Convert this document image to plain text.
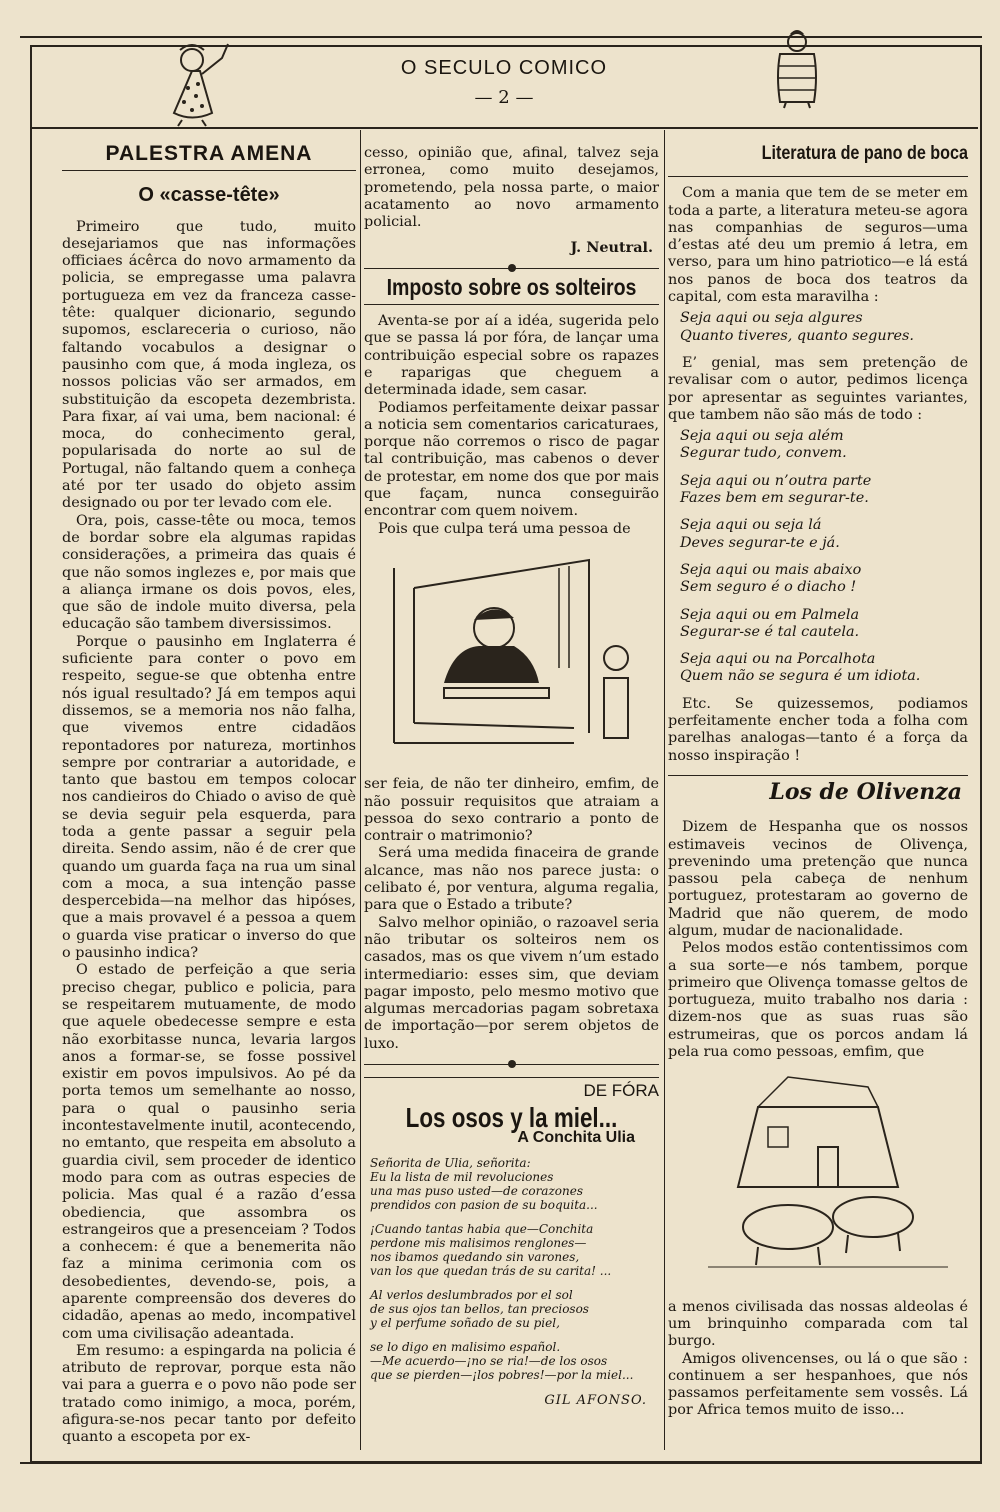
O SECULO COMICO
— 2 —
PALESTRA AMENA
O «casse-tête»

Primeiro que tudo, muito desejariamos que nas informações officiaes ácêrca do novo armamento da policia, se empregasse uma palavra portugueza em vez da franceza casse-tête: qualquer dicionario, segundo supomos, esclareceria o curioso, não faltando vocabulos a designar o pausinho com que, á moda ingleza, os nossos policias vão ser armados, em substituição da escopeta dezembrista. Para fixar, aí vai uma, bem nacional: é moca, do conhecimento geral, popularisada do norte ao sul de Portugal, não faltando quem a conheça até por ter usado do objeto assim designado ou por ter levado com ele.

Ora, pois, casse-tête ou moca, temos de bordar sobre ela algumas rapidas considerações, a primeira das quais é que não somos inglezes e, por mais que a aliança irmane os dois povos, eles, que são de indole muito diversa, pela educação são tambem diversissimos.

Porque o pausinho em Inglaterra é suficiente para conter o povo em respeito, segue-se que obtenha entre nós igual resultado? Já em tempos aqui dissemos, se a memoria nos não falha, que vivemos entre cidadãos repontadores por natureza, mortinhos sempre por contrariar a autoridade, e tanto que bastou em tempos colocar nos candieiros do Chiado o aviso de què se devia seguir pela esquerda, para toda a gente passar a seguir pela direita. Sendo assim, não é de crer que quando um guarda faça na rua um sinal com a moca, a sua intenção passe despercebida—na melhor das hipóses, que a mais provavel é a pessoa a quem o guarda vise praticar o inverso do que o pausinho indica?

O estado de perfeição a que seria preciso chegar, publico e policia, para se respeitarem mutuamente, de modo que aquele obedecesse sempre e esta não exorbitasse nunca, levaria largos anos a formar-se, se fosse possivel existir em povos impulsivos. Ao pé da porta temos um semelhante ao nosso, para o qual o pausinho seria incontestavelmente inutil, acontecendo, no emtanto, que respeita em absoluto a guardia civil, sem proceder de identico modo para com as outras especies de policia. Mas qual é a razão d’essa obediencia, que assombra os estrangeiros que a presenceiam ? Todos a conhecem: é que a benemerita não faz a minima cerimonia com os desobedientes, devendo-se, pois, a aparente compreensão dos deveres do cidadão, apenas ao medo, incompativel com uma civilisação adeantada.

Em resumo: a espingarda na policia é atributo de reprovar, porque esta não vai para a guerra e o povo não pode ser tratado como inimigo, a moca, porém, afigura-se-nos pecar tanto por defeito quanto a escopeta por ex-

cesso, opinião que, afinal, talvez seja erronea, como muito desejamos, prometendo, pela nossa parte, o maior acatamento ao novo armamento policial.

J. Neutral.
Imposto sobre os solteiros

Aventa-se por aí a idéa, sugerida pelo que se passa lá por fóra, de lançar uma contribuição especial sobre os rapazes e raparigas que cheguem a determinada idade, sem casar.

Podiamos perfeitamente deixar passar a noticia sem comentarios caricaturaes, porque não corremos o risco de pagar tal contribuição, mas cabenos o dever de protestar, em nome dos que por mais que façam, nunca conseguirão encontrar com quem noivem.

Pois que culpa terá uma pessoa de

ser feia, de não ter dinheiro, emfim, de não possuir requisitos que atraiam a pessoa do sexo contrario a ponto de contrair o matrimonio?

Será uma medida finaceira de grande alcance, mas não nos parece justa: o celibato é, por ventura, alguma regalia, para que o Estado a tribute?

Salvo melhor opinião, o razoavel seria não tributar os solteiros nem os casados, mas os que vivem n’um estado intermediario: esses sim, que deviam pagar imposto, pelo mesmo motivo que algumas mercadorias pagam sobretaxa de importação—por serem objetos de luxo.

DE FÓRA
Los osos y la miel...
A Conchita Ulia

Señorita de Ulia, señorita:
Eu la lista de mil revoluciones
una mas puso usted—de corazones
prendidos con pasion de su boquita...

¡Cuando tantas habia que—Conchita
perdone mis malisimos renglones—
nos ibamos quedando sin varones,
van los que quedan trás de su carita! ...

Al verlos deslumbrados por el sol
de sus ojos tan bellos, tan preciosos
y el perfume soñado de su piel,

se lo digo en malisimo español.
—Me acuerdo—¡no se ria!—de los osos
que se pierden—¡los pobres!—por la miel...

GIL AFONSO.
Literatura de pano de boca

Com a mania que tem de se meter em toda a parte, a literatura meteu-se agora nas companhias de seguros—uma d’estas até deu um premio á letra, em verso, para um hino patriotico—e lá está nos panos de boca dos teatros da capital, com esta maravilha :

Seja aqui ou seja algures
Quanto tiveres, quanto segures.

E’ genial, mas sem pretenção de revalisar com o autor, pedimos licença por apresentar as seguintes variantes, que tambem não são más de todo :

Seja aqui ou seja além
Segurar tudo, convem.
Seja aqui ou n’outra parte
Fazes bem em segurar-te.
Seja aqui ou seja lá
Deves segurar-te e já.
Seja aqui ou mais abaixo
Sem seguro é o diacho !
Seja aqui ou em Palmela
Segurar-se é tal cautela.
Seja aqui ou na Porcalhota
Quem não se segura é um idiota.

Etc. Se quizessemos, podiamos perfeitamente encher toda a folha com parelhas analogas—tanto é a força da nosso inspiração !

Los de Olivenza

Dizem de Hespanha que os nossos estimaveis vecinos de Olivença, prevenindo uma pretenção que nunca passou pela cabeça de nenhum portuguez, protestaram ao governo de Madrid que não querem, de modo algum, mudar de nacionalidade.

Pelos modos estão contentissimos com a sua sorte—e nós tambem, porque primeiro que Olivença tomasse geltos de portugueza, muito trabalho nos daria : dizem-nos que as suas ruas são estrumeiras, que os porcos andam lá pela rua como pessoas, emfim, que

a menos civilisada das nossas aldeolas é um brinquinho comparada com tal burgo.

Amigos olivencenses, ou lá o que são : continuem a ser hespanhoes, que nós passamos perfeitamente sem vossês. Lá por Africa temos muito de isso...
